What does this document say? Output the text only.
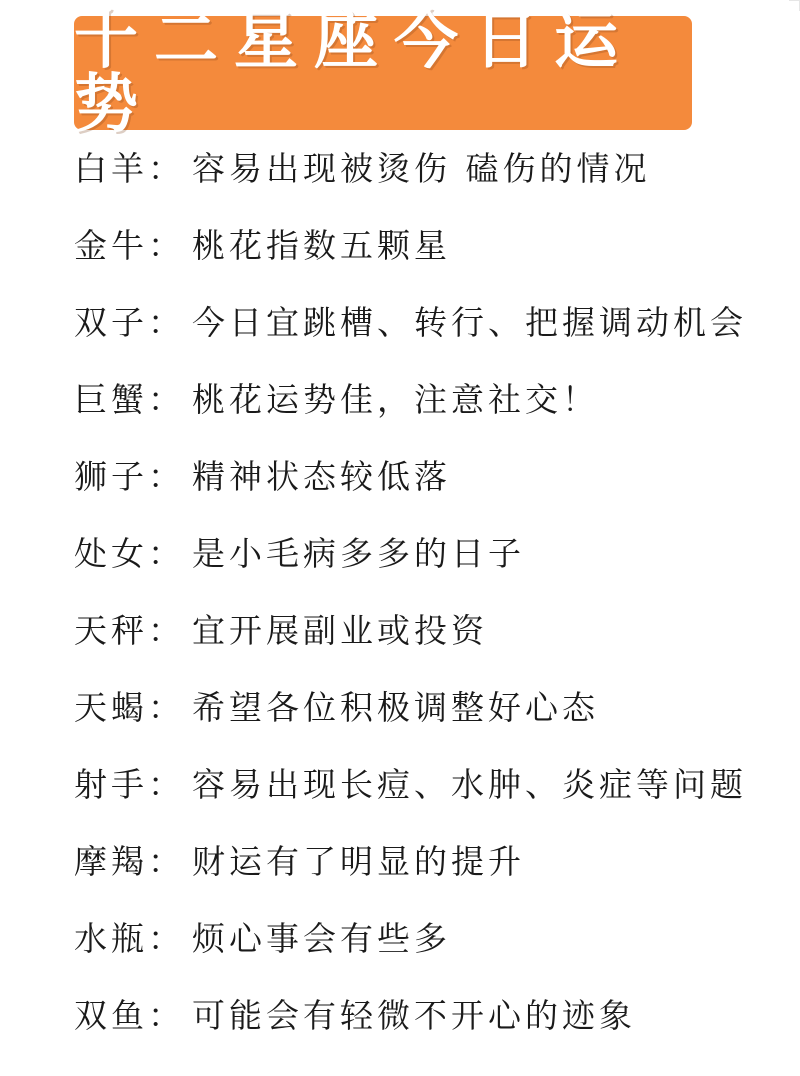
十二星座今日运势
白羊 ： 容易出现被烫伤 磕伤的情况
金牛 ： 桃花指数五颗星
双子 ： 今日宜跳槽、转行、把握调动机会
巨蟹 ： 桃花运势佳，注意社交！
狮子 ： 精神状态较低落
处女 ： 是小毛病多多的日子
天秤 ： 宜开展副业或投资
天蝎 ： 希望各位积极调整好心态
射手 ： 容易出现长痘、水肿、炎症等问题
摩羯 ： 财运有了明显的提升
水瓶 ： 烦心事会有些多
双鱼 ： 可能会有轻微不开心的迹象
